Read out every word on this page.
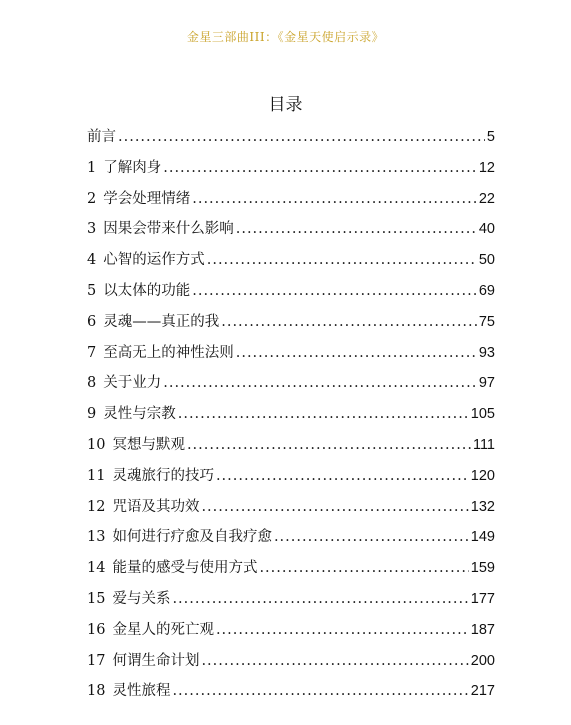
金星三部曲III：《金星天使启示录》
目录
前言 .....	5
1 了解肉身 .....	12
2 学会处理情绪 .....	22
3 因果会带来什么影响 .....	40
4 心智的运作方式 .....	50
5 以太体的功能 .....	69
6 灵魂——真正的我 .....	75
7 至高无上的神性法则 .....	93
8 关于业力 .....	97
9 灵性与宗教 .....	105
10 冥想与默观 .....	111
11 灵魂旅行的技巧 .....	120
12 咒语及其功效 .....	132
13 如何进行疗愈及自我疗愈 .....	149
14 能量的感受与使用方式 .....	159
15 爱与关系 .....	177
16 金星人的死亡观 .....	187
17 何谓生命计划 .....	200
18 灵性旅程 .....	217
